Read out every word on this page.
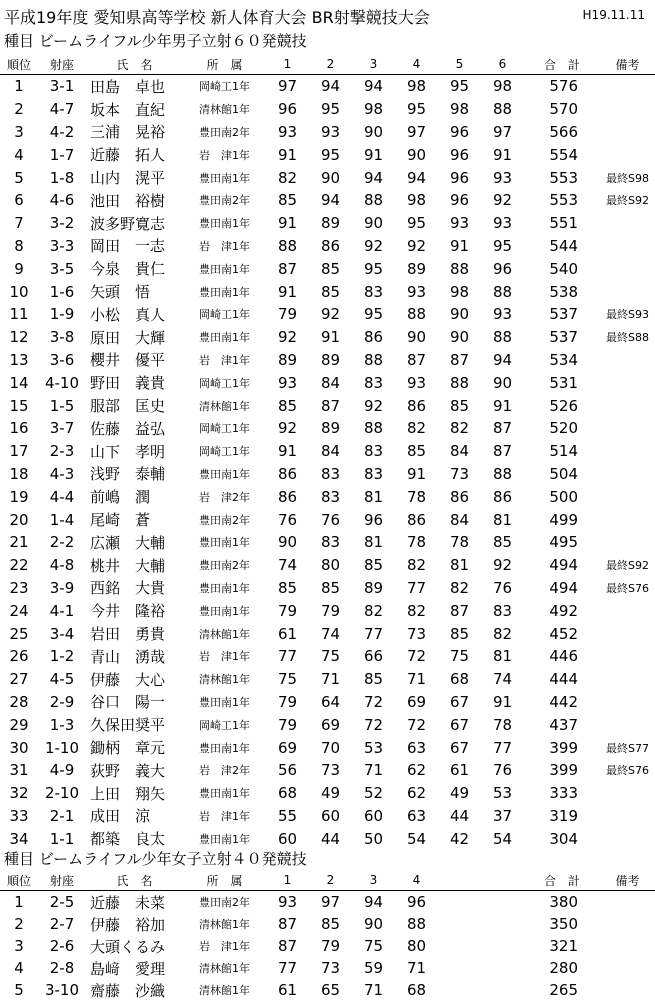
平成19年度 愛知県高等学校 新人体育大会 BR射撃競技大会	H19.11.11
種目 ビームライフル少年男子立射６０発競技
順位	射座	氏　名	所　属	1	2	3	4	5	6	合　計	備考
1	3-1	田島　卓也	岡崎工1年	97	94	94	98	95	98	576	
2	4-7	坂本　直紀	清林館1年	96	95	98	95	98	88	570	
3	4-2	三浦　晃裕	豊田南2年	93	93	90	97	96	97	566	
4	1-7	近藤　拓人	岩　津1年	91	95	91	90	96	91	554	
5	1-8	山内　滉平	豊田南1年	82	90	94	94	96	93	553	最終S98
6	4-6	池田　裕樹	豊田南2年	85	94	88	98	96	92	553	最終S92
7	3-2	波多野寛志	豊田南1年	91	89	90	95	93	93	551	
8	3-3	岡田　一志	岩　津1年	88	86	92	92	91	95	544	
9	3-5	今泉　貴仁	豊田南1年	87	85	95	89	88	96	540	
10	1-6	矢頭　悟	豊田南1年	91	85	83	93	98	88	538	
11	1-9	小松　真人	岡崎工1年	79	92	95	88	90	93	537	最終S93
12	3-8	原田　大輝	豊田南1年	92	91	86	90	90	88	537	最終S88
13	3-6	櫻井　優平	岩　津1年	89	89	88	87	87	94	534	
14	4-10	野田　義貴	岡崎工1年	93	84	83	93	88	90	531	
15	1-5	服部　匡史	清林館1年	85	87	92	86	85	91	526	
16	3-7	佐藤　益弘	岡崎工1年	92	89	88	82	82	87	520	
17	2-3	山下　孝明	岡崎工1年	91	84	83	85	84	87	514	
18	4-3	浅野　泰輔	豊田南1年	86	83	83	91	73	88	504	
19	4-4	前嶋　潤	岩　津2年	86	83	81	78	86	86	500	
20	1-4	尾崎　蒼	豊田南2年	76	76	96	86	84	81	499	
21	2-2	広瀬　大輔	豊田南1年	90	83	81	78	78	85	495	
22	4-8	桃井　大輔	豊田南2年	74	80	85	82	81	92	494	最終S92
23	3-9	西銘　大貴	豊田南1年	85	85	89	77	82	76	494	最終S76
24	4-1	今井　隆裕	豊田南1年	79	79	82	82	87	83	492	
25	3-4	岩田　勇貴	清林館1年	61	74	77	73	85	82	452	
26	1-2	青山　湧哉	岩　津1年	77	75	66	72	75	81	446	
27	4-5	伊藤　大心	清林館1年	75	71	85	71	68	74	444	
28	2-9	谷口　陽一	豊田南1年	79	64	72	69	67	91	442	
29	1-3	久保田奨平	岡崎工1年	79	69	72	72	67	78	437	
30	1-10	鋤柄　章元	豊田南1年	69	70	53	63	67	77	399	最終S77
31	4-9	荻野　義大	岩　津2年	56	73	71	62	61	76	399	最終S76
32	2-10	上田　翔矢	豊田南1年	68	49	52	62	49	53	333	
33	2-1	成田　涼	岩　津1年	55	60	60	63	44	37	319	
34	1-1	都築　良太	豊田南1年	60	44	50	54	42	54	304	
種目 ビームライフル少年女子立射４０発競技
順位	射座	氏　名	所　属	1	2	3	4			合　計	備考
1	2-5	近藤　未菜	豊田南2年	93	97	94	96			380	
2	2-7	伊藤　裕加	清林館1年	87	85	90	88			350	
3	2-6	大頭くるみ	岩　津1年	87	79	75	80			321	
4	2-8	島﨑　愛理	清林館1年	77	73	59	71			280	
5	3-10	齋藤　沙織	清林館1年	61	65	71	68			265	
